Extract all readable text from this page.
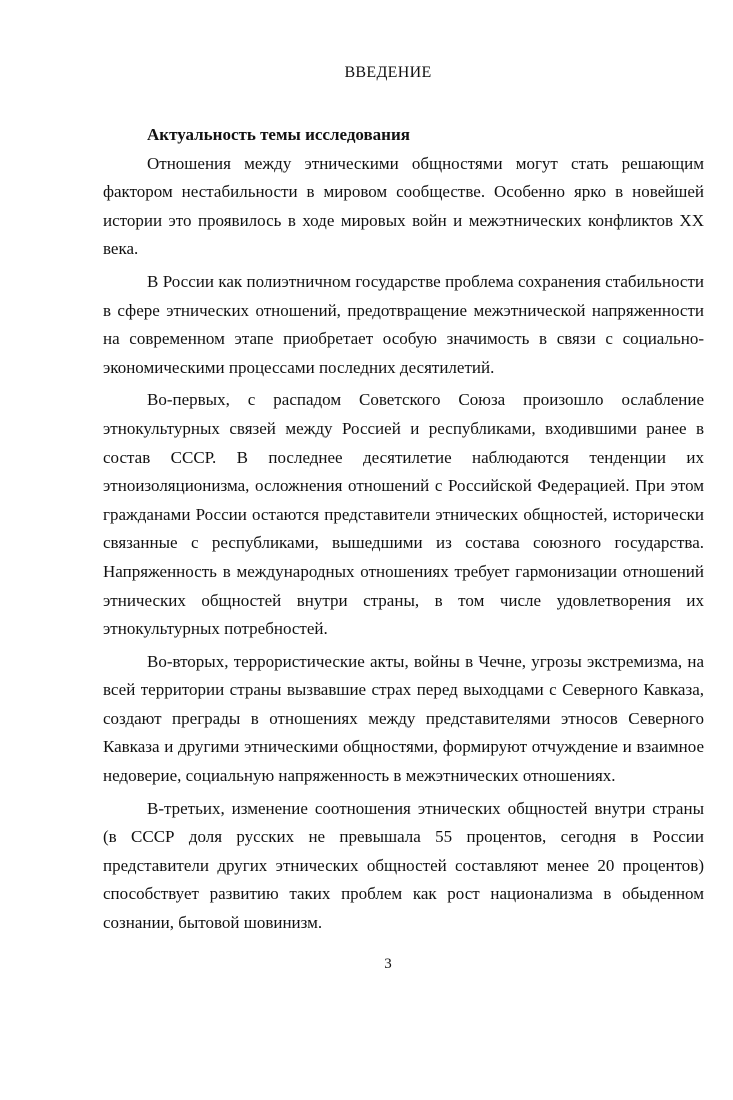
ВВЕДЕНИЕ

Актуальность темы исследования

Отношения между этническими общностями могут стать решающим фактором нестабильности в мировом сообществе. Особенно ярко в новейшей истории это проявилось в ходе мировых войн и межэтнических конфликтов XX века.

В России как полиэтничном государстве проблема сохранения стабильности в сфере этнических отношений, предотвращение межэтнической напряженности на современном этапе приобретает особую значимость в связи с социально-экономическими процессами последних десятилетий.

Во-первых, с распадом Советского Союза произошло ослабление этнокультурных связей между Россией и республиками, входившими ранее в состав СССР. В последнее десятилетие наблюдаются тенденции их этноизоляционизма, осложнения отношений с Российской Федерацией. При этом гражданами России остаются представители этнических общностей, исторически связанные с республиками, вышедшими из состава союзного государства. Напряженность в международных отношениях требует гармонизации отношений этнических общностей внутри страны, в том числе удовлетворения их этнокультурных потребностей.

Во-вторых, террористические акты, войны в Чечне, угрозы экстремизма, на всей территории страны вызвавшие страх перед выходцами с Северного Кавказа, создают преграды в отношениях между представителями этносов Северного Кавказа и другими этническими общностями, формируют отчуждение и взаимное недоверие, социальную напряженность в межэтнических отношениях.

В-третьих, изменение соотношения этнических общностей внутри страны (в СССР доля русских не превышала 55 процентов, сегодня в России представители других этнических общностей составляют менее 20 процентов) способствует развитию таких проблем как рост национализма в обыденном сознании, бытовой шовинизм.

3
